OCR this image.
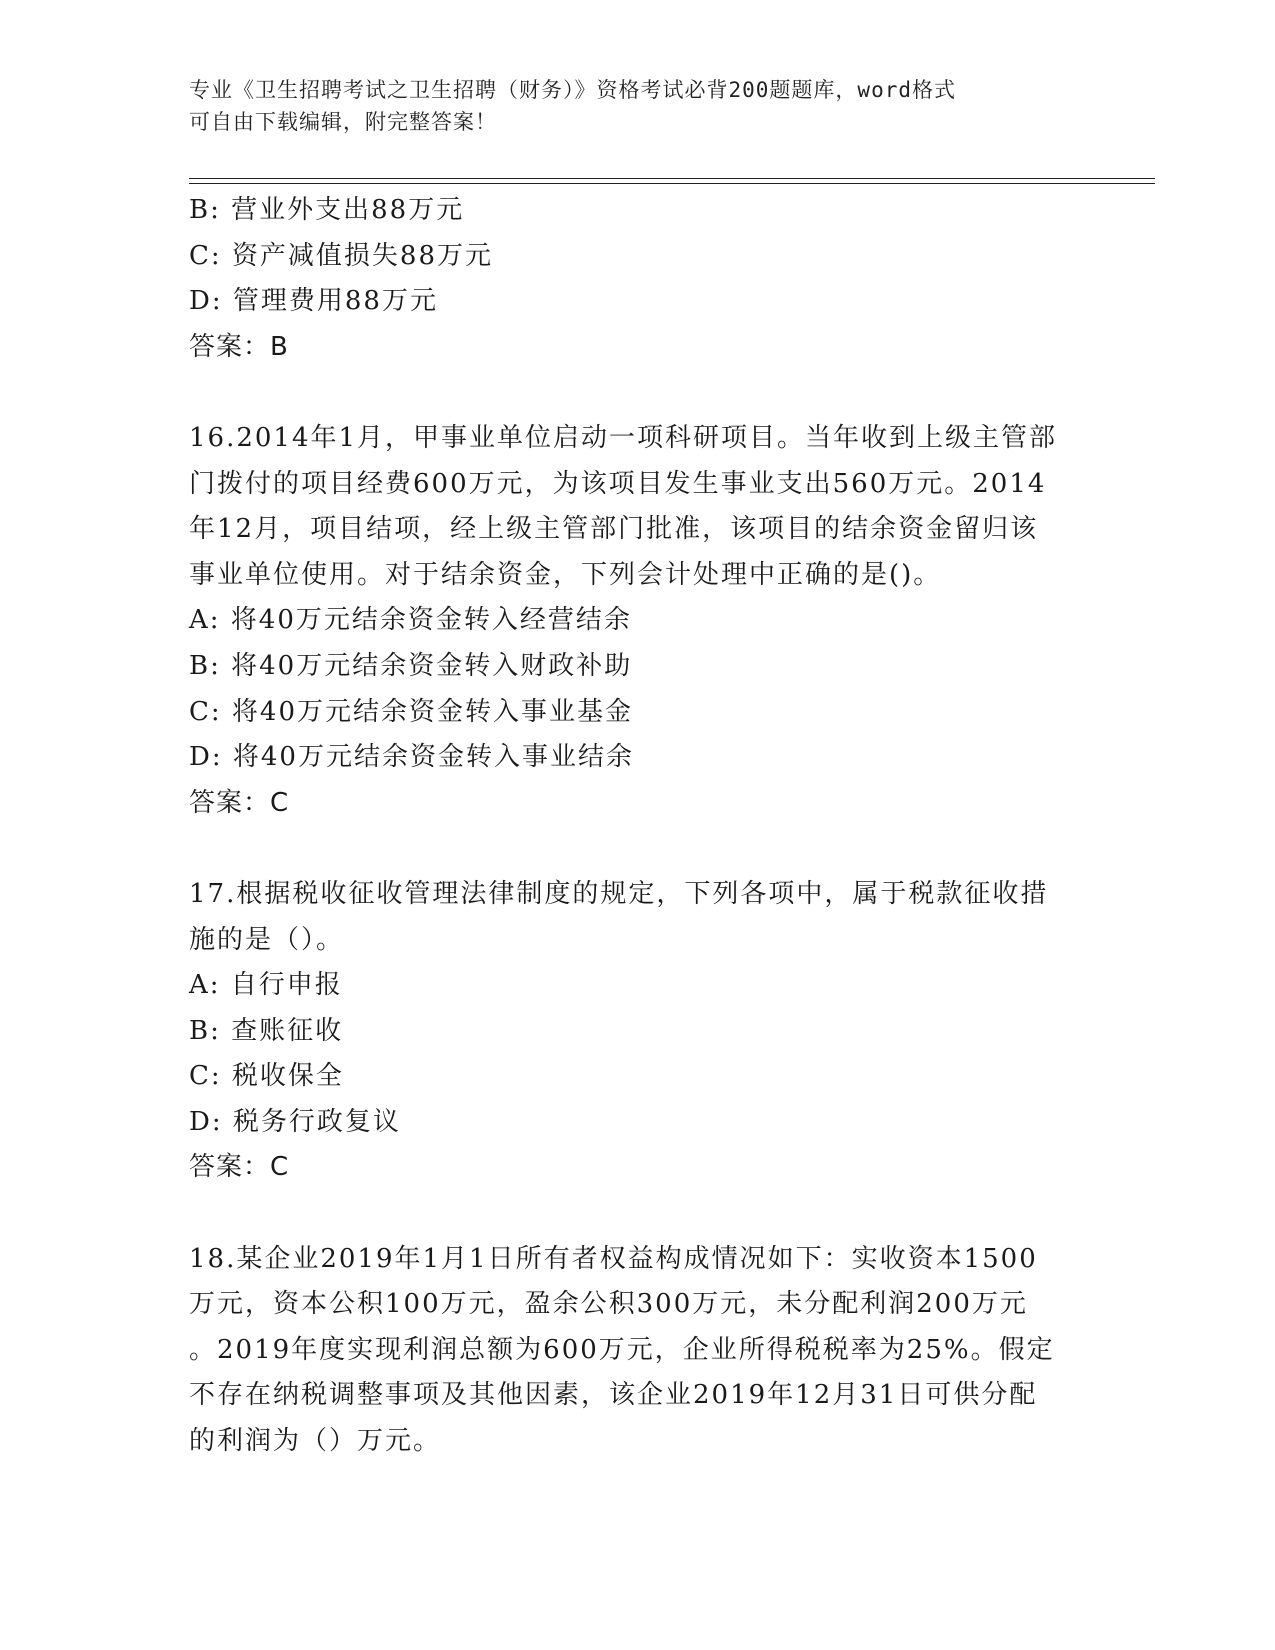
专业《卫生招聘考试之卫生招聘（财务）》资格考试必背200题题库，word格式
可自由下载编辑，附完整答案！
B: 营业外支出88万元
C: 资产减值损失88万元
D: 管理费用88万元
答案：B
16.2014年1月，甲事业单位启动一项科研项目。当年收到上级主管部
门拨付的项目经费600万元，为该项目发生事业支出560万元。2014
年12月，项目结项，经上级主管部门批准，该项目的结余资金留归该
事业单位使用。对于结余资金，下列会计处理中正确的是()。
A: 将40万元结余资金转入经营结余
B: 将40万元结余资金转入财政补助
C: 将40万元结余资金转入事业基金
D: 将40万元结余资金转入事业结余
答案：C
17.根据税收征收管理法律制度的规定，下列各项中，属于税款征收措
施的是（）。
A: 自行申报
B: 查账征收
C: 税收保全
D: 税务行政复议
答案：C
18.某企业2019年1月1日所有者权益构成情况如下：实收资本1500
万元，资本公积100万元，盈余公积300万元，未分配利润200万元
。2019年度实现利润总额为600万元，企业所得税税率为25%。假定
不存在纳税调整事项及其他因素，该企业2019年12月31日可供分配
的利润为（）万元。
